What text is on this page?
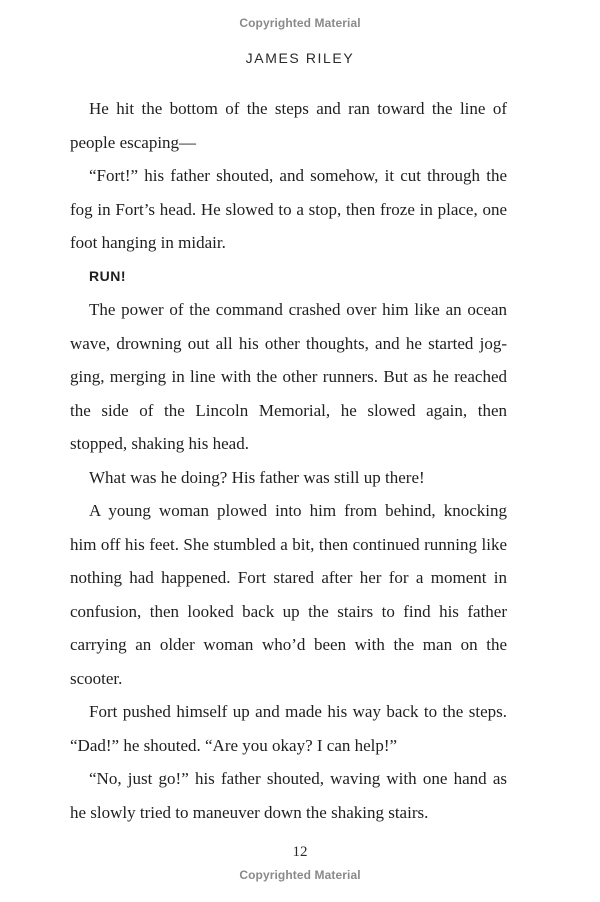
Copyrighted Material
JAMES RILEY

He hit the bottom of the steps and ran toward the line of people escaping—

“Fort!” his father shouted, and somehow, it cut through the fog in Fort’s head. He slowed to a stop, then froze in place, one foot hanging in midair.

RUN!

The power of the command crashed over him like an ocean wave, drowning out all his other thoughts, and he started jogging, merging in line with the other runners. But as he reached the side of the Lincoln Memorial, he slowed again, then stopped, shaking his head.

What was he doing? His father was still up there!

A young woman plowed into him from behind, knocking him off his feet. She stumbled a bit, then continued running like nothing had happened. Fort stared after her for a moment in confusion, then looked back up the stairs to find his father carrying an older woman who’d been with the man on the scooter.

Fort pushed himself up and made his way back to the steps. “Dad!” he shouted. “Are you okay? I can help!”

“No, just go!” his father shouted, waving with one hand as he slowly tried to maneuver down the shaking stairs.

12
Copyrighted Material
